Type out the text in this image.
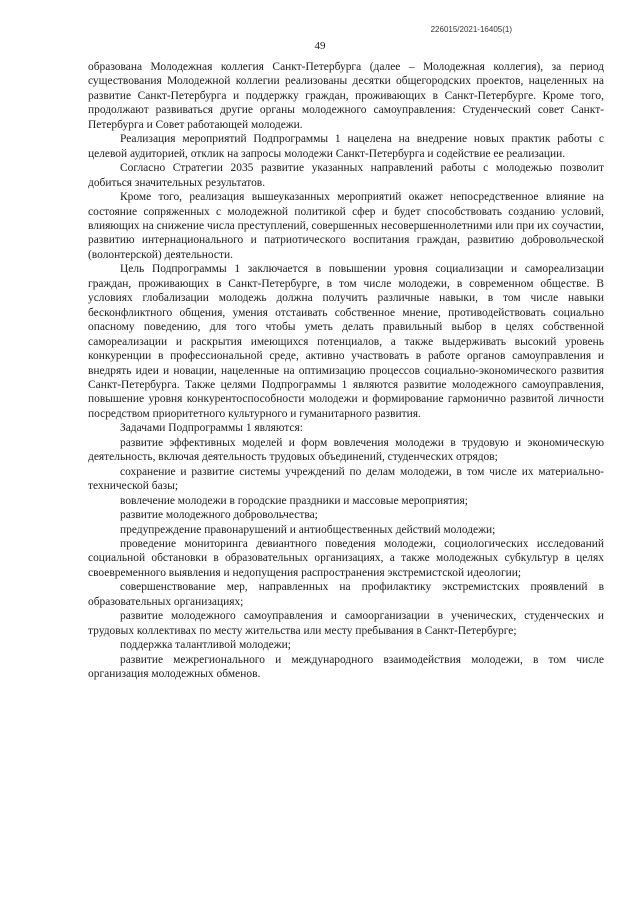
226015/2021-16405(1)
49

образована Молодежная коллегия Санкт-Петербурга (далее – Молодежная коллегия), за период существования Молодежной коллегии реализованы десятки общегородских проектов, нацеленных на развитие Санкт-Петербурга и поддержку граждан, проживающих в Санкт-Петербурге. Кроме того, продолжают развиваться другие органы молодежного самоуправления: Студенческий совет Санкт-Петербурга и Совет работающей молодежи.

Реализация мероприятий Подпрограммы 1 нацелена на внедрение новых практик работы с целевой аудиторией, отклик на запросы молодежи Санкт-Петербурга и содействие ее реализации.

Согласно Стратегии 2035 развитие указанных направлений работы с молодежью позволит добиться значительных результатов.

Кроме того, реализация вышеуказанных мероприятий окажет непосредственное влияние на состояние сопряженных с молодежной политикой сфер и будет способствовать созданию условий, влияющих на снижение числа преступлений, совершенных несовершеннолетними или при их соучастии, развитию интернационального и патриотического воспитания граждан, развитию добровольческой (волонтерской) деятельности.

Цель Подпрограммы 1 заключается в повышении уровня социализации и самореализации граждан, проживающих в Санкт-Петербурге, в том числе молодежи, в современном обществе. В условиях глобализации молодежь должна получить различные навыки, в том числе навыки бесконфликтного общения, умения отстаивать собственное мнение, противодействовать социально опасному поведению, для того чтобы уметь делать правильный выбор в целях собственной самореализации и раскрытия имеющихся потенциалов, а также выдерживать высокий уровень конкуренции в профессиональной среде, активно участвовать в работе органов самоуправления и внедрять идеи и новации, нацеленные на оптимизацию процессов социально-экономического развития Санкт-Петербурга. Также целями Подпрограммы 1 являются развитие молодежного самоуправления, повышение уровня конкурентоспособности молодежи и формирование гармонично развитой личности посредством приоритетного культурного и гуманитарного развития.

Задачами Подпрограммы 1 являются:

развитие эффективных моделей и форм вовлечения молодежи в трудовую и экономическую деятельность, включая деятельность трудовых объединений, студенческих отрядов;

сохранение и развитие системы учреждений по делам молодежи, в том числе их материально-технической базы;

вовлечение молодежи в городские праздники и массовые мероприятия;

развитие молодежного добровольчества;

предупреждение правонарушений и антиобщественных действий молодежи;

проведение мониторинга девиантного поведения молодежи, социологических исследований социальной обстановки в образовательных организациях, а также молодежных субкультур в целях своевременного выявления и недопущения распространения экстремистской идеологии;

совершенствование мер, направленных на профилактику экстремистских проявлений в образовательных организациях;

развитие молодежного самоуправления и самоорганизации в ученических, студенческих и трудовых коллективах по месту жительства или месту пребывания в Санкт-Петербурге;

поддержка талантливой молодежи;

развитие межрегионального и международного взаимодействия молодежи, в том числе организация молодежных обменов.
